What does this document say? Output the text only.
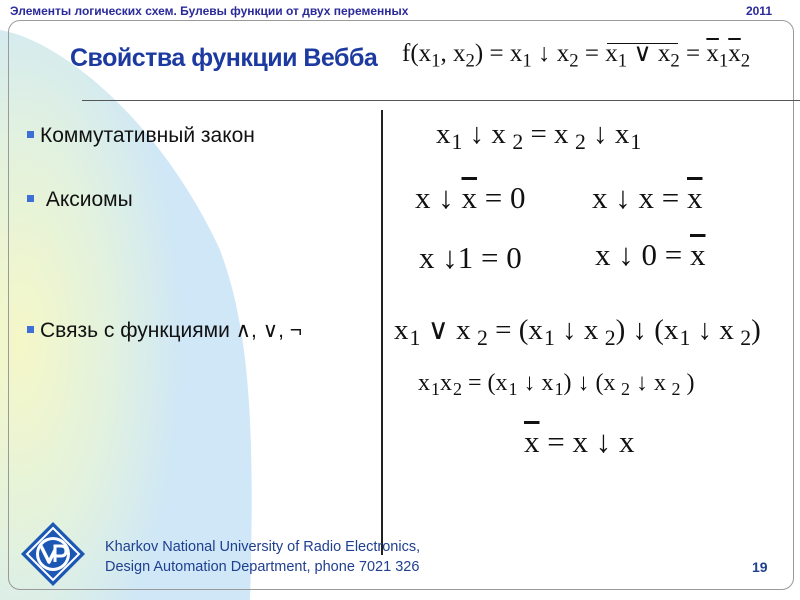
Элементы логических схем. Булевы функции от двух переменных	2011
Свойства функции Вебба $f(x_1$, $x_2) = x_1$ ↓ $x_2 = x_1$ ∨ $x_2 = \overline{x}_1\overline{x}_2$
Коммутативный закон
Аксиомы
Связь с функциями ∧, ∨, ¬
$x_1$ ↓ x $_2$ = x $_2$ ↓ $x_1$
x ↓ $\overline{x} = 0$ x ↓ $x = \overline{x}$
x ↓1 = 0 x ↓ $0 = \overline{x}$
$x_1$ ∨ x $_2 = (x_1$ ↓ x $_2$) ↓ ($x_1$ ↓ x $_2$)
$x_1x_2 = (x_1$ ↓ $x_1$) ↓ (x $_2$ ↓ x $_2$ )
$\overline{x} = x$ ↓ x
Kharkov National University of Radio Electronics,
Design Automation Department, phone 7021 326	19
